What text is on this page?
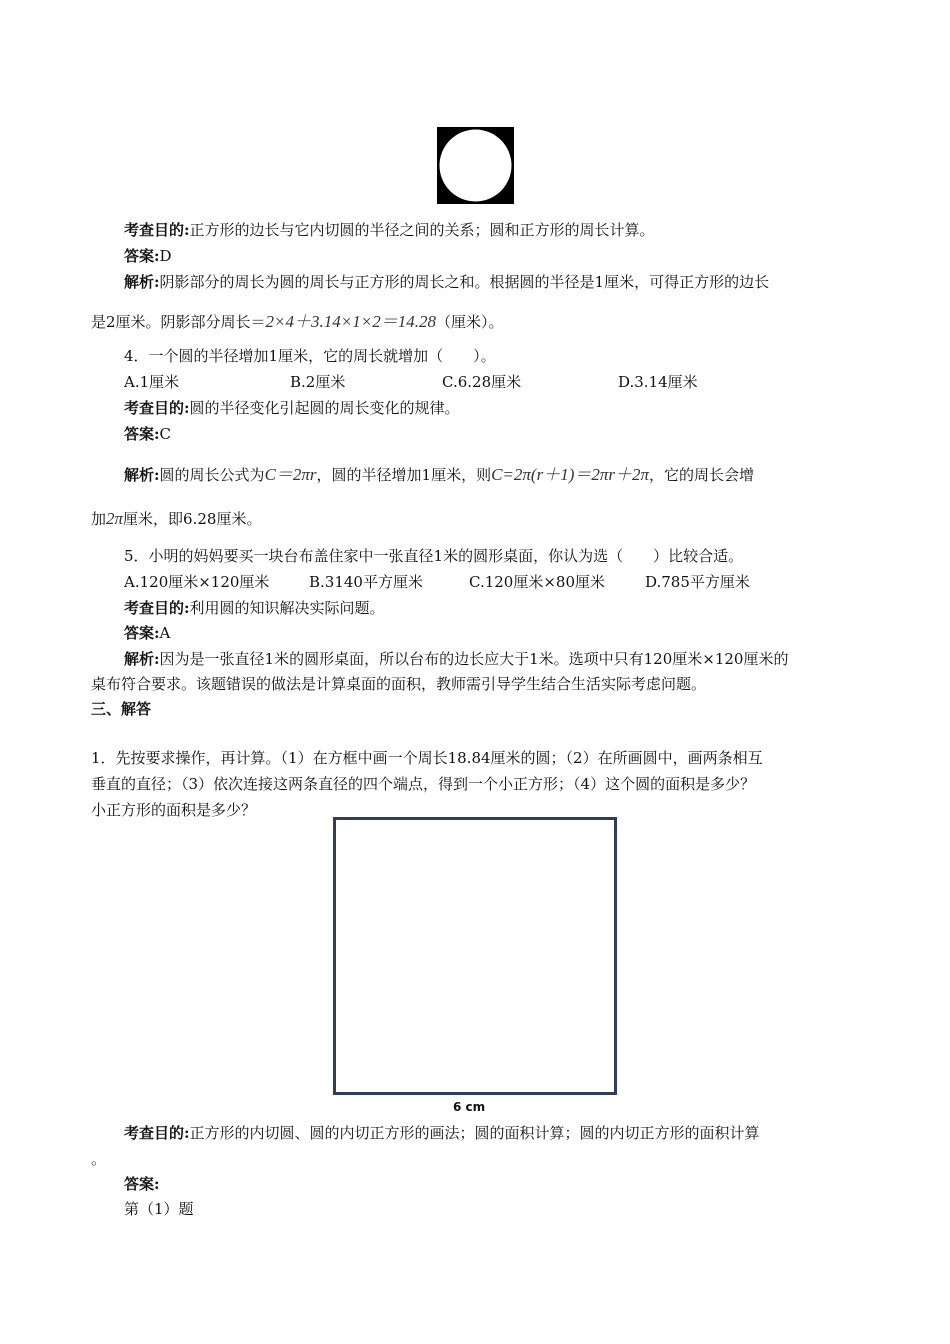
考查目的:正方形的边长与它内切圆的半径之间的关系；圆和正方形的周长计算。
答案:D
解析:阴影部分的周长为圆的周长与正方形的周长之和。根据圆的半径是1厘米，可得正方形的边长
是2厘米。阴影部分周长＝2×4＋3.14×1×2＝14.28（厘米）。
4．一个圆的半径增加1厘米，它的周长就增加（　　）。
A.1厘米	B.2厘米	C.6.28厘米	D.3.14厘米
考查目的:圆的半径变化引起圆的周长变化的规律。
答案:C
解析:圆的周长公式为C＝2πr，圆的半径增加1厘米，则C=2π(r＋1)＝2πr＋2π，它的周长会增
加2π厘米，即6.28厘米。
5．小明的妈妈要买一块台布盖住家中一张直径1米的圆形桌面，你认为选（　　）比较合适。
A.120厘米×120厘米	B.3140平方厘米	C.120厘米×80厘米	D.785平方厘米
考查目的:利用圆的知识解决实际问题。
答案:A
解析:因为是一张直径1米的圆形桌面，所以台布的边长应大于1米。选项中只有120厘米×120厘米的
桌布符合要求。该题错误的做法是计算桌面的面积，教师需引导学生结合生活实际考虑问题。
三、解答
1．先按要求操作，再计算。（1）在方框中画一个周长18.84厘米的圆；（2）在所画圆中，画两条相互
垂直的直径；（3）依次连接这两条直径的四个端点，得到一个小正方形；（4）这个圆的面积是多少？
小正方形的面积是多少？
6 cm
考查目的:正方形的内切圆、圆的内切正方形的画法；圆的面积计算；圆的内切正方形的面积计算
。
答案:
第（1）题
